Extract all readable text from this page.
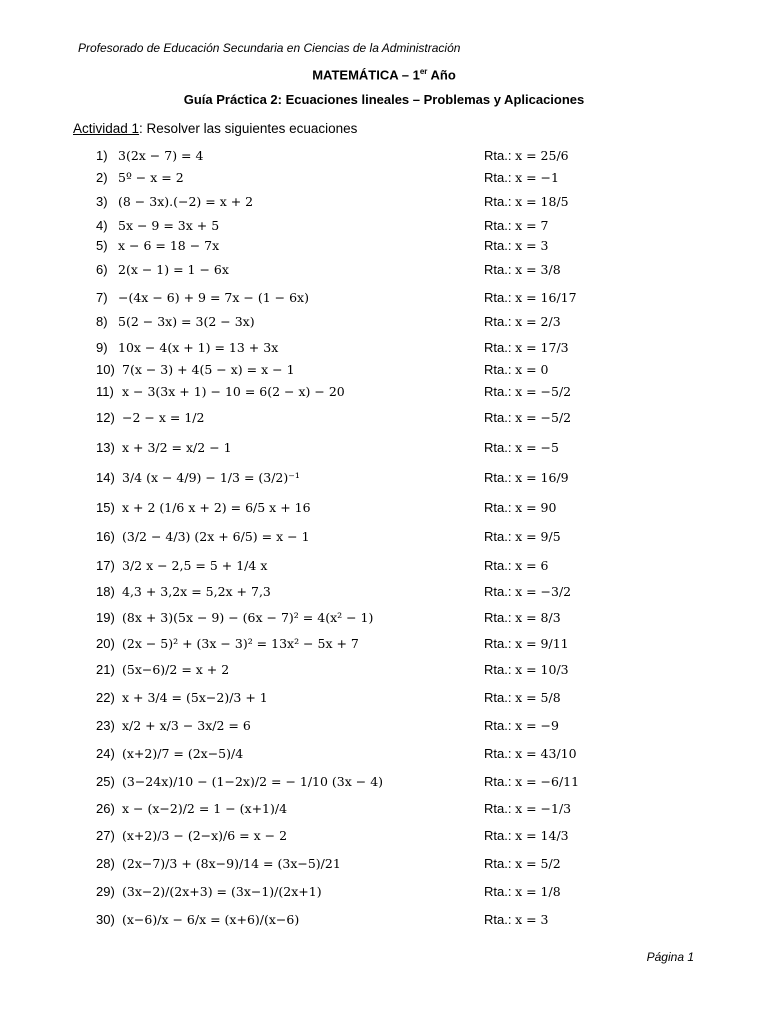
Profesorado de Educación Secundaria en Ciencias de la Administración
MATEMÁTICA – 1er Año
Guía Práctica 2: Ecuaciones lineales – Problemas y Aplicaciones
Actividad 1: Resolver las siguientes ecuaciones
1) 3(2x − 7) = 4	Rta.: x = 25/6
2) 5º − x = 2	Rta.: x = −1
3) (8 − 3x).(−2) = x + 2	Rta.: x = 18/5
4) 5x − 9 = 3x + 5	Rta.: x = 7
5) x − 6 = 18 − 7x	Rta.: x = 3
6) 2(x − 1) = 1 − 6x	Rta.: x = 3/8
7) −(4x − 6) + 9 = 7x − (1 − 6x)	Rta.: x = 16/17
8) 5(2 − 3x) = 3(2 − 3x)	Rta.: x = 2/3
9) 10x − 4(x + 1) = 13 + 3x	Rta.: x = 17/3
10) 7(x − 3) + 4(5 − x) = x − 1	Rta.: x = 0
11) x − 3(3x + 1) − 10 = 6(2 − x) − 20	Rta.: x = −5/2
12) −2 − x = 1/2	Rta.: x = −5/2
13) x + 3/2 = x/2 − 1	Rta.: x = −5
14) 3/4 (x − 4/9) − 1/3 = (3/2)⁻¹	Rta.: x = 16/9
15) x + 2 (1/6 x + 2) = 6/5 x + 16	Rta.: x = 90
16) (3/2 − 4/3) (2x + 6/5) = x − 1	Rta.: x = 9/5
17) 3/2 x − 2,5 = 5 + 1/4 x	Rta.: x = 6
18) 4,3 + 3,2x = 5,2x + 7,3	Rta.: x = −3/2
19) (8x + 3)(5x − 9) − (6x − 7)² = 4(x² − 1)	Rta.: x = 8/3
20) (2x − 5)² + (3x − 3)² = 13x² − 5x + 7	Rta.: x = 9/11
21) (5x−6)/2 = x + 2	Rta.: x = 10/3
22) x + 3/4 = (5x−2)/3 + 1	Rta.: x = 5/8
23) x/2 + x/3 − 3x/2 = 6	Rta.: x = −9
24) (x+2)/7 = (2x−5)/4	Rta.: x = 43/10
25) (3−24x)/10 − (1−2x)/2 = − 1/10 (3x − 4)	Rta.: x = −6/11
26) x − (x−2)/2 = 1 − (x+1)/4	Rta.: x = −1/3
27) (x+2)/3 − (2−x)/6 = x − 2	Rta.: x = 14/3
28) (2x−7)/3 + (8x−9)/14 = (3x−5)/21	Rta.: x = 5/2
29) (3x−2)/(2x+3) = (3x−1)/(2x+1)	Rta.: x = 1/8
30) (x−6)/x − 6/x = (x+6)/(x−6)	Rta.: x = 3
Página 1
